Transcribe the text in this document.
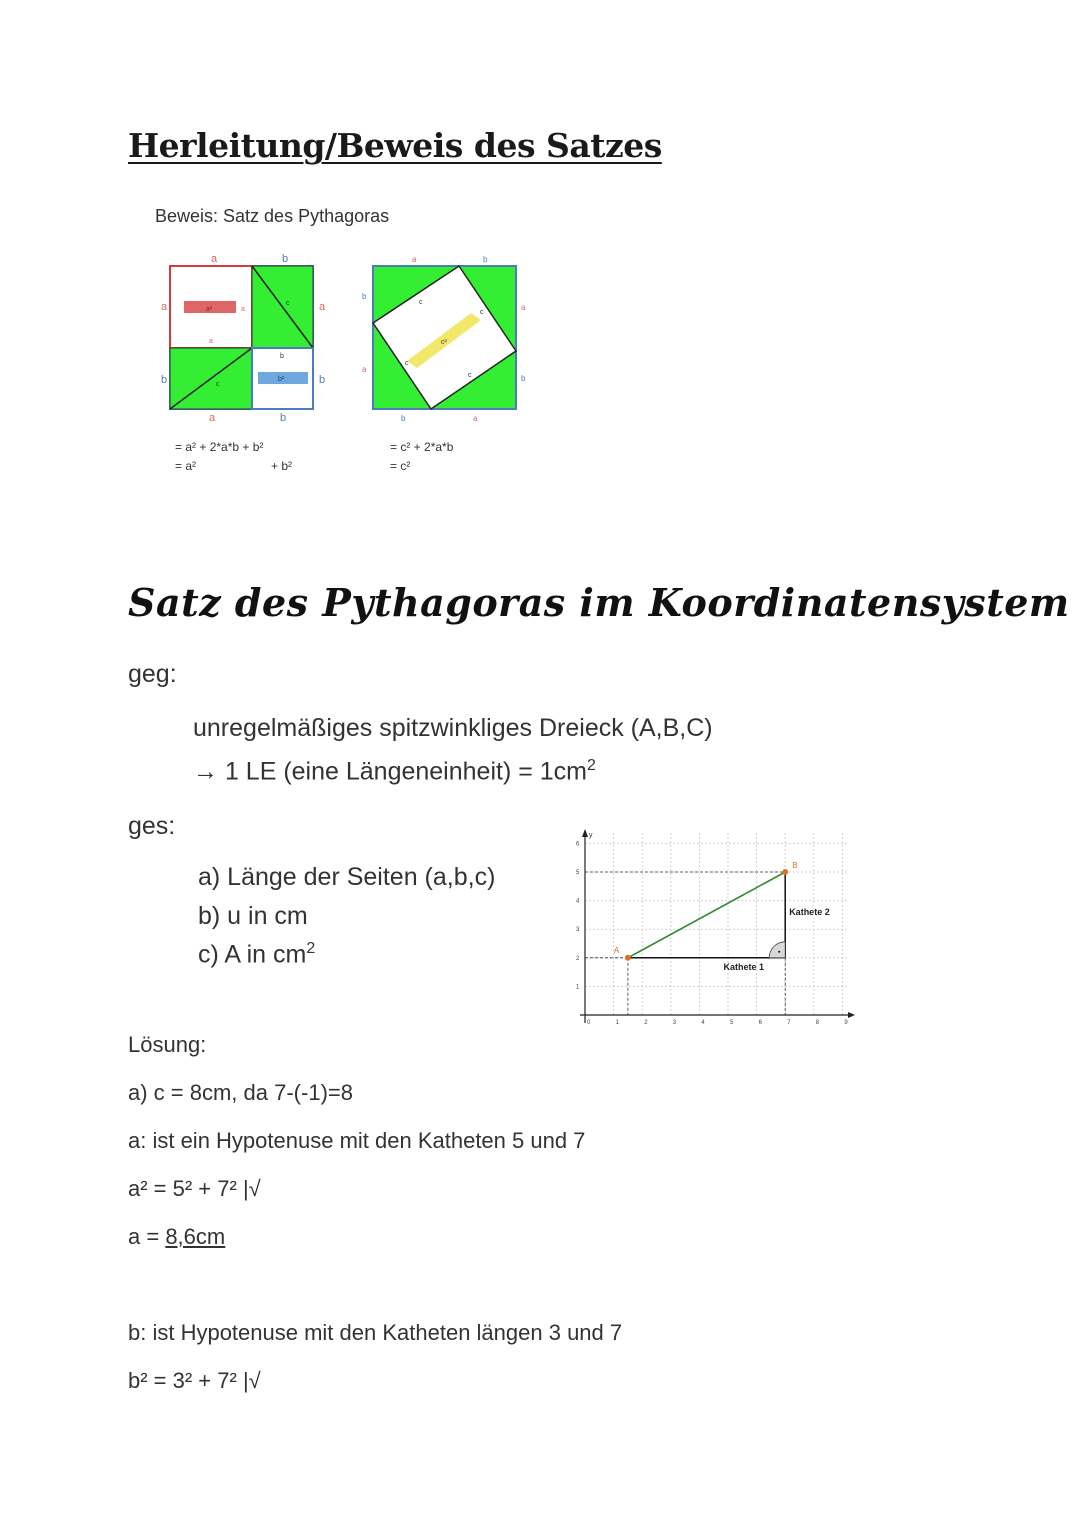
Herleitung/Beweis des Satzes
Beweis: Satz des Pythagoras
a	b
a
b
a
b
a	b
a
a
b
c
c
a²
b²
a	b
b
a
a
b
b	a
c
c
c
c
c²
= a² + 2*a*b + b²
= a²	+ b²
= c² + 2*a*b
= c²
Satz des Pythagoras im Koordinatensystem
geg:
unregelmäßiges spitzwinkliges Dreieck (A,B,C)
→ 1 LE (eine Längeneinheit) = $1cm^2$
ges:
a) Länge der Seiten (a,b,c)
b) u in cm
c) A in $cm^2$
y
0	1	2	3	4	5	6	7	8	9
1
2
3
4
5
6
A
B
Kathete 1
Kathete 2
Lösung:
a) c = 8cm, da 7-(-1)=8
a: ist ein Hypotenuse mit den Katheten 5 und 7
a² = 5² + 7² |√
a = 8,6cm
b: ist Hypotenuse mit den Katheten längen 3 und 7
b² = 3² + 7² |√
